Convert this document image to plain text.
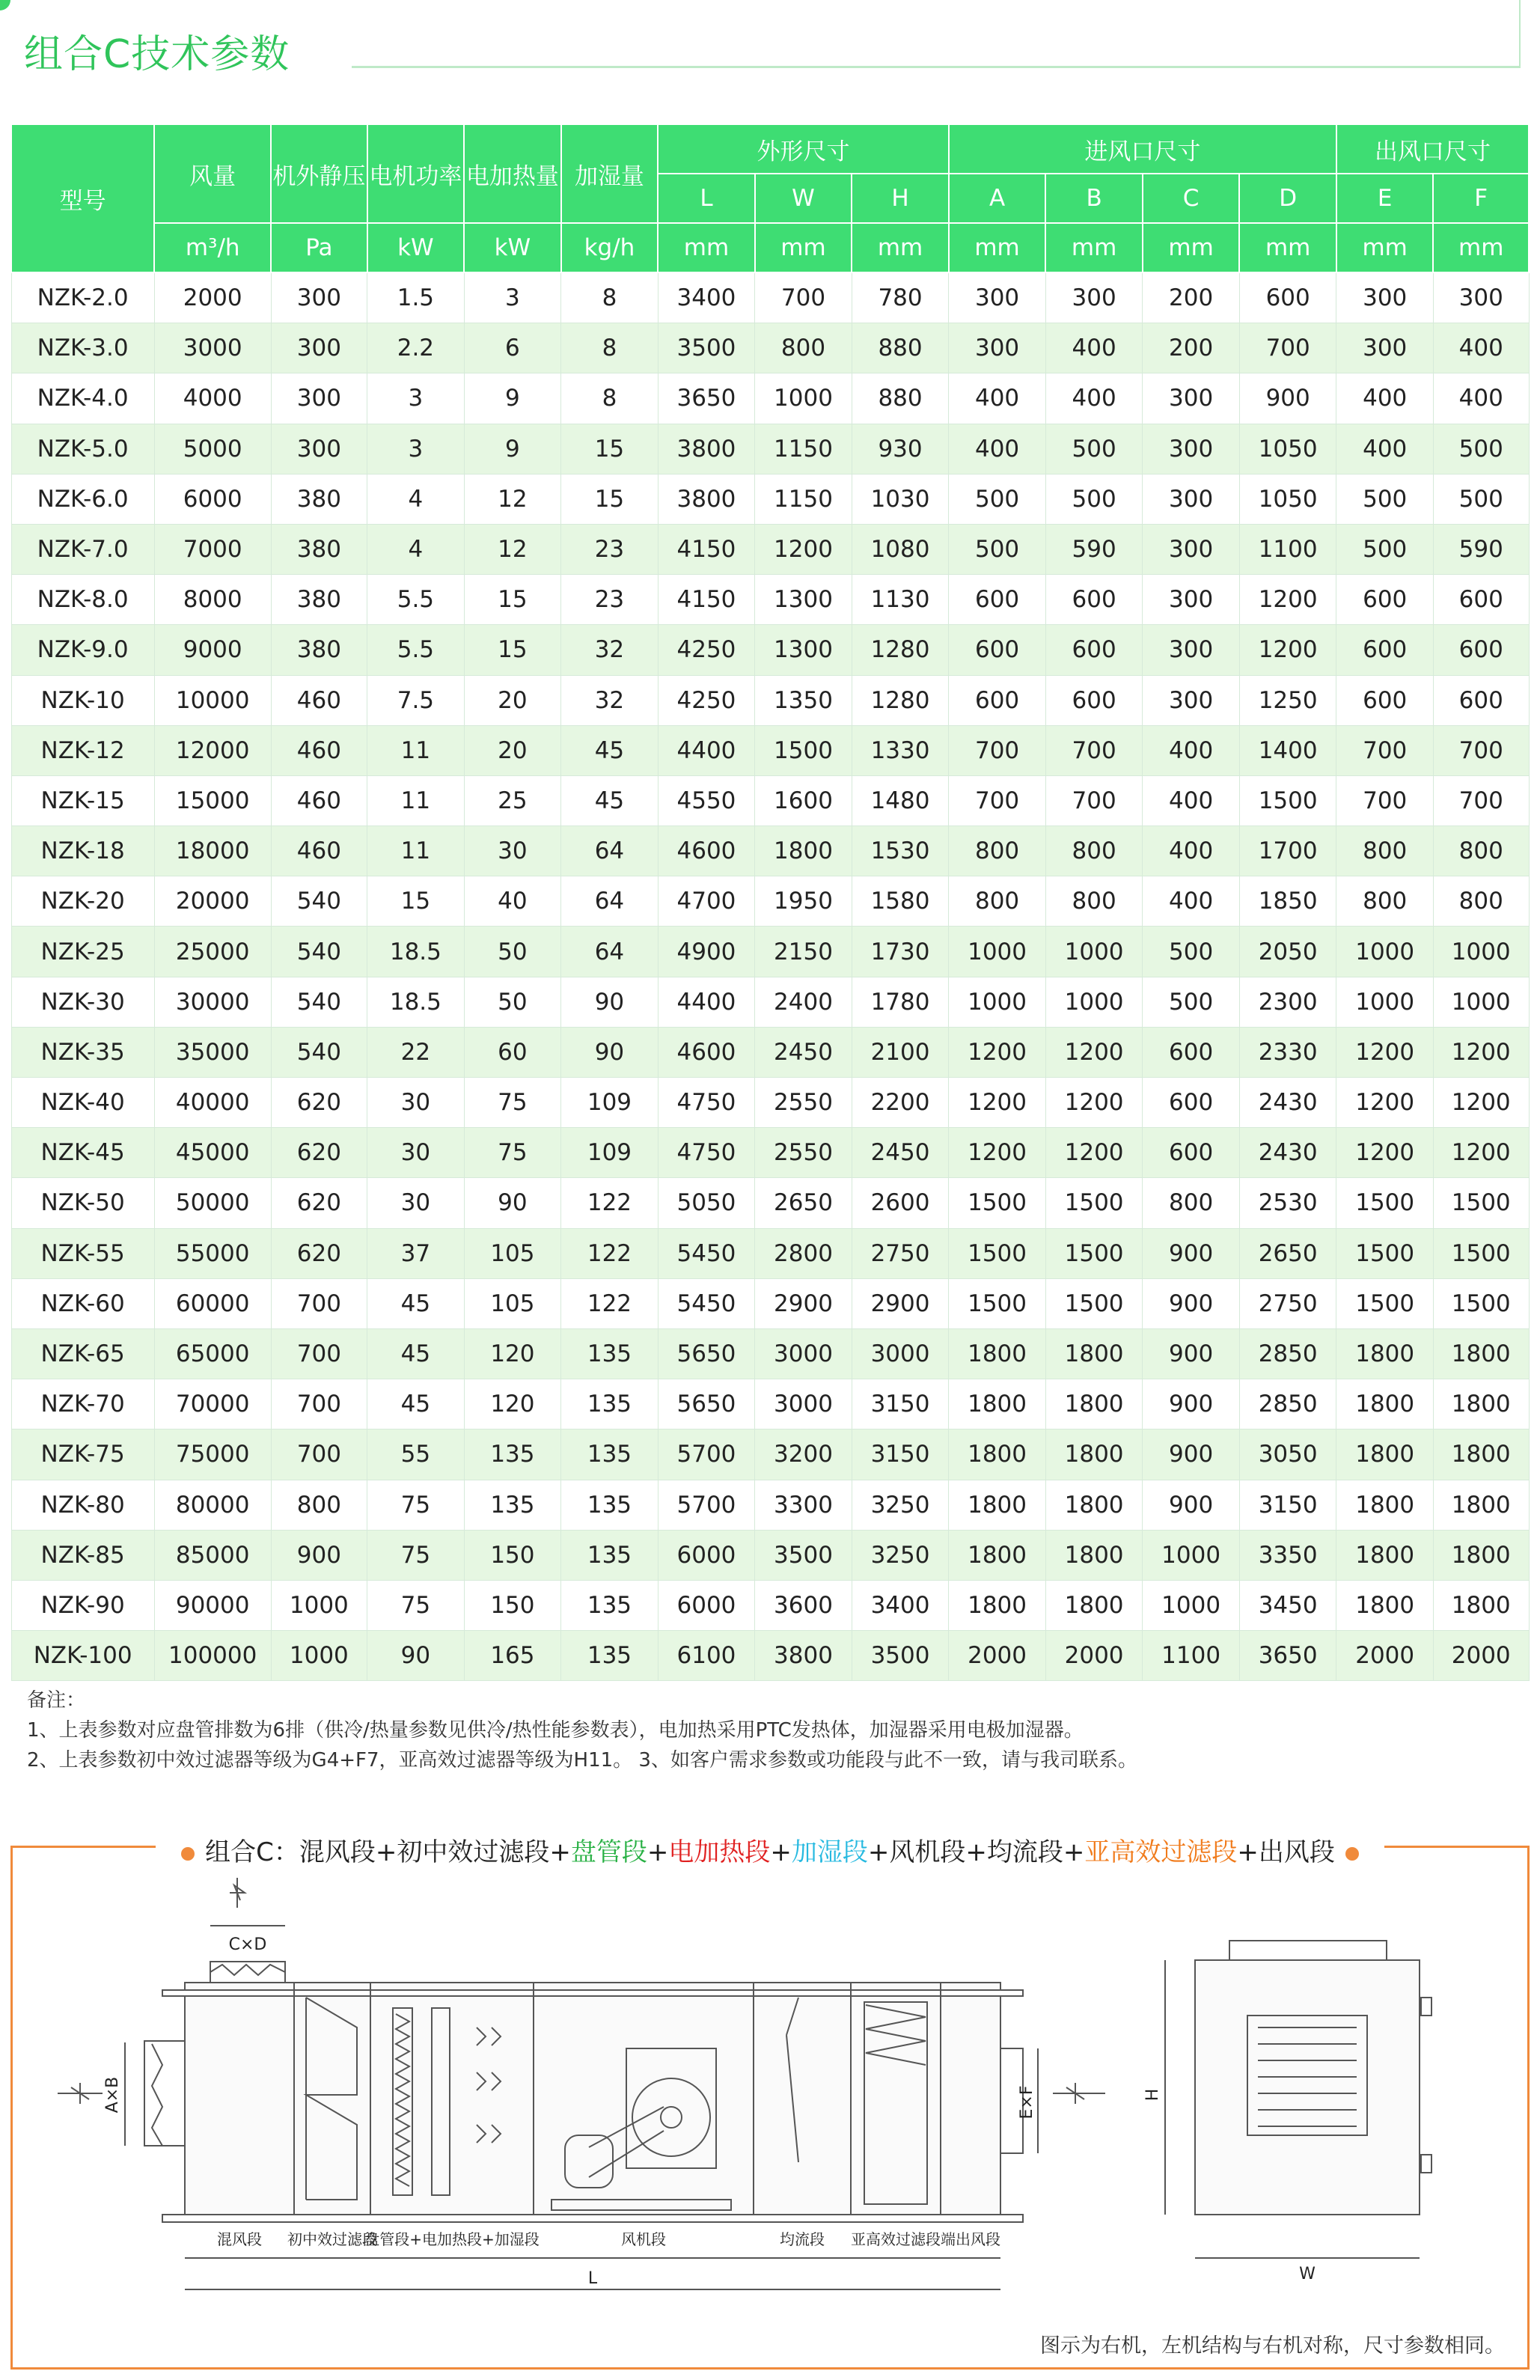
组合C技术参数
型号	风量	机外静压	电机功率	电加热量	加湿量	外形尺寸			进风口尺寸				出风口尺寸	
						L	W	H	A	B	C	D	E	F
	m³/h	Pa	kW	kW	kg/h	mm	mm	mm	mm	mm	mm	mm	mm	mm
NZK-2.0	2000	300	1.5	3	8	3400	700	780	300	300	200	600	300	300
NZK-3.0	3000	300	2.2	6	8	3500	800	880	300	400	200	700	300	400
NZK-4.0	4000	300	3	9	8	3650	1000	880	400	400	300	900	400	400
NZK-5.0	5000	300	3	9	15	3800	1150	930	400	500	300	1050	400	500
NZK-6.0	6000	380	4	12	15	3800	1150	1030	500	500	300	1050	500	500
NZK-7.0	7000	380	4	12	23	4150	1200	1080	500	590	300	1100	500	590
NZK-8.0	8000	380	5.5	15	23	4150	1300	1130	600	600	300	1200	600	600
NZK-9.0	9000	380	5.5	15	32	4250	1300	1280	600	600	300	1200	600	600
NZK-10	10000	460	7.5	20	32	4250	1350	1280	600	600	300	1250	600	600
NZK-12	12000	460	11	20	45	4400	1500	1330	700	700	400	1400	700	700
NZK-15	15000	460	11	25	45	4550	1600	1480	700	700	400	1500	700	700
NZK-18	18000	460	11	30	64	4600	1800	1530	800	800	400	1700	800	800
NZK-20	20000	540	15	40	64	4700	1950	1580	800	800	400	1850	800	800
NZK-25	25000	540	18.5	50	64	4900	2150	1730	1000	1000	500	2050	1000	1000
NZK-30	30000	540	18.5	50	90	4400	2400	1780	1000	1000	500	2300	1000	1000
NZK-35	35000	540	22	60	90	4600	2450	2100	1200	1200	600	2330	1200	1200
NZK-40	40000	620	30	75	109	4750	2550	2200	1200	1200	600	2430	1200	1200
NZK-45	45000	620	30	75	109	4750	2550	2450	1200	1200	600	2430	1200	1200
NZK-50	50000	620	30	90	122	5050	2650	2600	1500	1500	800	2530	1500	1500
NZK-55	55000	620	37	105	122	5450	2800	2750	1500	1500	900	2650	1500	1500
NZK-60	60000	700	45	105	122	5450	2900	2900	1500	1500	900	2750	1500	1500
NZK-65	65000	700	45	120	135	5650	3000	3000	1800	1800	900	2850	1800	1800
NZK-70	70000	700	45	120	135	5650	3000	3150	1800	1800	900	2850	1800	1800
NZK-75	75000	700	55	135	135	5700	3200	3150	1800	1800	900	3050	1800	1800
NZK-80	80000	800	75	135	135	5700	3300	3250	1800	1800	900	3150	1800	1800
NZK-85	85000	900	75	150	135	6000	3500	3250	1800	1800	1000	3350	1800	1800
NZK-90	90000	1000	75	150	135	6000	3600	3400	1800	1800	1000	3450	1800	1800
NZK-100	100000	1000	90	165	135	6100	3800	3500	2000	2000	1100	3650	2000	2000
备注：
1、上表参数对应盘管排数为6排（供冷/热量参数见供冷/热性能参数表），电加热采用PTC发热体，加湿器采用电极加湿器。
2、上表参数初中效过滤器等级为G4+F7，亚高效过滤器等级为H11。 3、如客户需求参数或功能段与此不一致，请与我司联系。
组合C：混风段+初中效过滤段+盘管段+电加热段+加湿段+风机段+均流段+亚高效过滤段+出风段
C×D
A×B	E×F	H
W
L
混风段 初中效过滤段
盘管段+电加热段+加湿段	风机段	均流段 亚高效过滤段 端出风段
图示为右机，左机结构与右机对称，尺寸参数相同。
